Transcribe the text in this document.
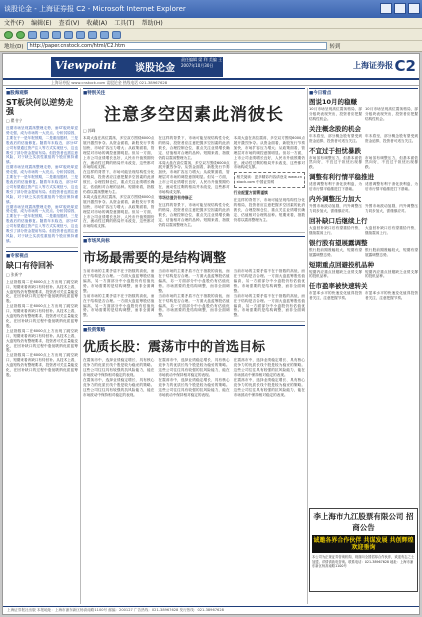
谈股论金 - 上海证券报 C2 - Microsoft Internet Explorer
文件(F) 编辑(E) 查看(V) 收藏(A) 工具(T) 帮助(H)
地址(D)	http://paper.cnstock.com/html/C2.htm	转到
Viewpoint 谈股论金
责任编辑 梁 利 美编 王 冲 电话 021-38967628 2007年10月30日	上海证券报 C2
上海证券报 www.cnstock.com 谈股论金 热线电话 021-38967628
■股海观察
ST板块何以逆势走强
□ 瞿书宁

近期市场呈现震荡整理走势，而ST板块却逆势走强，成为市场的一大亮点。分析其原因，主要在于一是年报预期，二是重组题材，三是股改后的估值修复。随着年末临近，部分ST公司有望通过资产注入等方式实现扭亏，这也吸引了部分资金提前布局。但投资者也需注意风险，对于缺乏实质性重组的个股应保持谨慎。

近期市场呈现震荡整理走势，而ST板块却逆势走强，成为市场的一大亮点。分析其原因，主要在于一是年报预期，二是重组题材，三是股改后的估值修复。随着年末临近，部分ST公司有望通过资产注入等方式实现扭亏，这也吸引了部分资金提前布局。但投资者也需注意风险，对于缺乏实质性重组的个股应保持谨慎。

近期市场呈现震荡整理走势，而ST板块却逆势走强，成为市场的一大亮点。分析其原因，主要在于一是年报预期，二是重组题材，三是股改后的估值修复。随着年末临近，部分ST公司有望通过资产注入等方式实现扭亏，这也吸引了部分资金提前布局。但投资者也需注意风险，对于缺乏实质性重组的个股应保持谨慎。

■专家视点
缺口有待回补
□ 张新宇

上证指数周二在6000点上方出现了跳空缺口，短期来看该缺口有待回补。从技术上看，大盘短线仍有整理要求，投资者可关注量能变化，在回补缺口的过程中逢低吸纳优质蓝筹股。

上证指数周二在6000点上方出现了跳空缺口，短期来看该缺口有待回补。从技术上看，大盘短线仍有整理要求，投资者可关注量能变化，在回补缺口的过程中逢低吸纳优质蓝筹股。

上证指数周二在6000点上方出现了跳空缺口，短期来看该缺口有待回补。从技术上看，大盘短线仍有整理要求，投资者可关注量能变化，在回补缺口的过程中逢低吸纳优质蓝筹股。

上证指数周二在6000点上方出现了跳空缺口，短期来看该缺口有待回补。从技术上看，大盘短线仍有整理要求，投资者可关注量能变化，在回补缺口的过程中逢低吸纳优质蓝筹股。

■特别关注
注意多空因素此消彼长
□ 郭峰

本周大盘在高位震荡，多空双方围绕6000点展开激烈争夺。从资金面看，新股发行节奏加快，市场扩容压力增大；从政策面看，管理层对市场的调控意图明显。但另一方面，上市公司业绩增长良好，人民币升值预期仍在，流动性过剩的格局并未改变，这些都对市场构成支撑。

在这样的背景下，市场可能呈现结构性分化的格局，投资者应注意把握多空因素的此消彼长，合理控制仓位，重点关注业绩增长确定、估值相对合理的品种。短期来看，指数仍将以震荡整理为主。

本周大盘在高位震荡，多空双方围绕6000点展开激烈争夺。从资金面看，新股发行节奏加快，市场扩容压力增大；从政策面看，管理层对市场的调控意图明显。但另一方面，上市公司业绩增长良好，人民币升值预期仍在，流动性过剩的格局并未改变，这些都对市场构成支撑。

在这样的背景下，市场可能呈现结构性分化的格局，投资者应注意把握多空因素的此消彼长，合理控制仓位，重点关注业绩增长确定、估值相对合理的品种。短期来看，指数仍将以震荡整理为主。

本周大盘在高位震荡，多空双方围绕6000点展开激烈争夺。从资金面看，新股发行节奏加快，市场扩容压力增大；从政策面看，管理层对市场的调控意图明显。但另一方面，上市公司业绩增长良好，人民币升值预期仍在，流动性过剩的格局并未改变，这些都对市场构成支撑。

市场估值仍有待修正

在这样的背景下，市场可能呈现结构性分化的格局，投资者应注意把握多空因素的此消彼长，合理控制仓位，重点关注业绩增长确定、估值相对合理的品种。短期来看，指数仍将以震荡整理为主。

本周大盘在高位震荡，多空双方围绕6000点展开激烈争夺。从资金面看，新股发行节奏加快，市场扩容压力增大；从政策面看，管理层对市场的调控意图明显。但另一方面，上市公司业绩增长良好，人民币升值预期仍在，流动性过剩的格局并未改变，这些都对市场构成支撑。

相关阅读：更多精彩内容请登录 www.cnstock.com 中国证券网

行业配置方面需谨慎

在这样的背景下，市场可能呈现结构性分化的格局，投资者应注意把握多空因素的此消彼长，合理控制仓位，重点关注业绩增长确定、估值相对合理的品种。短期来看，指数仍将以震荡整理为主。

■市场风向标
市场最需要的是结构调整

当前市场的主要矛盾不在于指数的高低，而在于结构是否合理。一方面大盘蓝筹股估值偏高，另一方面部分中小盘股仍有估值优势。市场需要的是结构调整，而非全面调整。

当前市场的主要矛盾不在于指数的高低，而在于结构是否合理。一方面大盘蓝筹股估值偏高，另一方面部分中小盘股仍有估值优势。市场需要的是结构调整，而非全面调整。

当前市场的主要矛盾不在于指数的高低，而在于结构是否合理。一方面大盘蓝筹股估值偏高，另一方面部分中小盘股仍有估值优势。市场需要的是结构调整，而非全面调整。

当前市场的主要矛盾不在于指数的高低，而在于结构是否合理。一方面大盘蓝筹股估值偏高，另一方面部分中小盘股仍有估值优势。市场需要的是结构调整，而非全面调整。

当前市场的主要矛盾不在于指数的高低，而在于结构是否合理。一方面大盘蓝筹股估值偏高，另一方面部分中小盘股仍有估值优势。市场需要的是结构调整，而非全面调整。

当前市场的主要矛盾不在于指数的高低，而在于结构是否合理。一方面大盘蓝筹股估值偏高，另一方面部分中小盘股仍有估值优势。市场需要的是结构调整，而非全面调整。

■投资策略
优质长股：震荡市中的首选目标

在震荡市中，选择业绩稳定增长、具有核心竞争力的优质长线个股是较为稳妥的策略。这些公司往往具有较强的抗风险能力，能在市场波动中保持相对稳定的表现。

在震荡市中，选择业绩稳定增长、具有核心竞争力的优质长线个股是较为稳妥的策略。这些公司往往具有较强的抗风险能力，能在市场波动中保持相对稳定的表现。

在震荡市中，选择业绩稳定增长、具有核心竞争力的优质长线个股是较为稳妥的策略。这些公司往往具有较强的抗风险能力，能在市场波动中保持相对稳定的表现。

在震荡市中，选择业绩稳定增长、具有核心竞争力的优质长线个股是较为稳妥的策略。这些公司往往具有较强的抗风险能力，能在市场波动中保持相对稳定的表现。

在震荡市中，选择业绩稳定增长、具有核心竞争力的优质长线个股是较为稳妥的策略。这些公司往往具有较强的抗风险能力，能在市场波动中保持相对稳定的表现。

在震荡市中，选择业绩稳定增长、具有核心竞争力的优质长线个股是较为稳妥的策略。这些公司往往具有较强的抗风险能力，能在市场波动中保持相对稳定的表现。

■今日看点
图说10月的稳赚

10月市场呈现高位震荡格局，部分板块表现突出，投资者应把握结构性机会。

10月市场呈现高位震荡格局，部分板块表现突出，投资者应把握结构性机会。

关注概念股的机会

年末将至，部分概念股有望受到资金追捧，投资者可适当关注。

年末将至，部分概念股有望受到资金追捧，投资者可适当关注。

不宜过于担忧暴跌

市场虽有调整压力，但基本面依然向好，不宜过于担忧出现暴跌。

市场虽有调整压力，但基本面依然向好，不宜过于担忧出现暴跌。

调整有利行情平稳推进

适度调整有利于消化获利盘，为后市行情平稳推进打下基础。

适度调整有利于消化获利盘，为后市行情平稳推进打下基础。

内外调整压力加大

外围市场波动加剧，内外调整压力同步加大，需谨慎应对。

外围市场波动加剧，内外调整压力同步加大，需谨慎应对。

回补缺口后继续上行

大盘回补缺口后有望重拾升势，继续震荡上行。

大盘回补缺口后有望重拾升势，继续震荡上行。

银行股有望展露调整

银行股前期涨幅较大，短期有望展露调整态势。

银行股前期涨幅较大，短期有望展露调整态势。

短期重点回避投机品种

短期内应重点回避缺乏业绩支撑的投机品种。

短期内应重点回避缺乏业绩支撑的投机品种。

任市盈率被快速转关

市盈率水平的快速变化值得投资者关注，注意把握节奏。

市盈率水平的快速变化值得投资者关注，注意把握节奏。

李上海市九江股票有限公司 招商公告
诚邀各界合作伙伴 共谋发展 共创辉煌 欢迎垂询

本公司为正规证券咨询机构，现面向全国招募合作伙伴，欢迎有志之士加盟。详情请致电咨询。联系电话：021-38967628 地址：上海市浦东新区杨高南路1100号

上海证券报社出版 本报地址：上海市浦东新区杨高南路1100号 邮编：200127 广告热线：021-38967628 发行热线：021-38967628
